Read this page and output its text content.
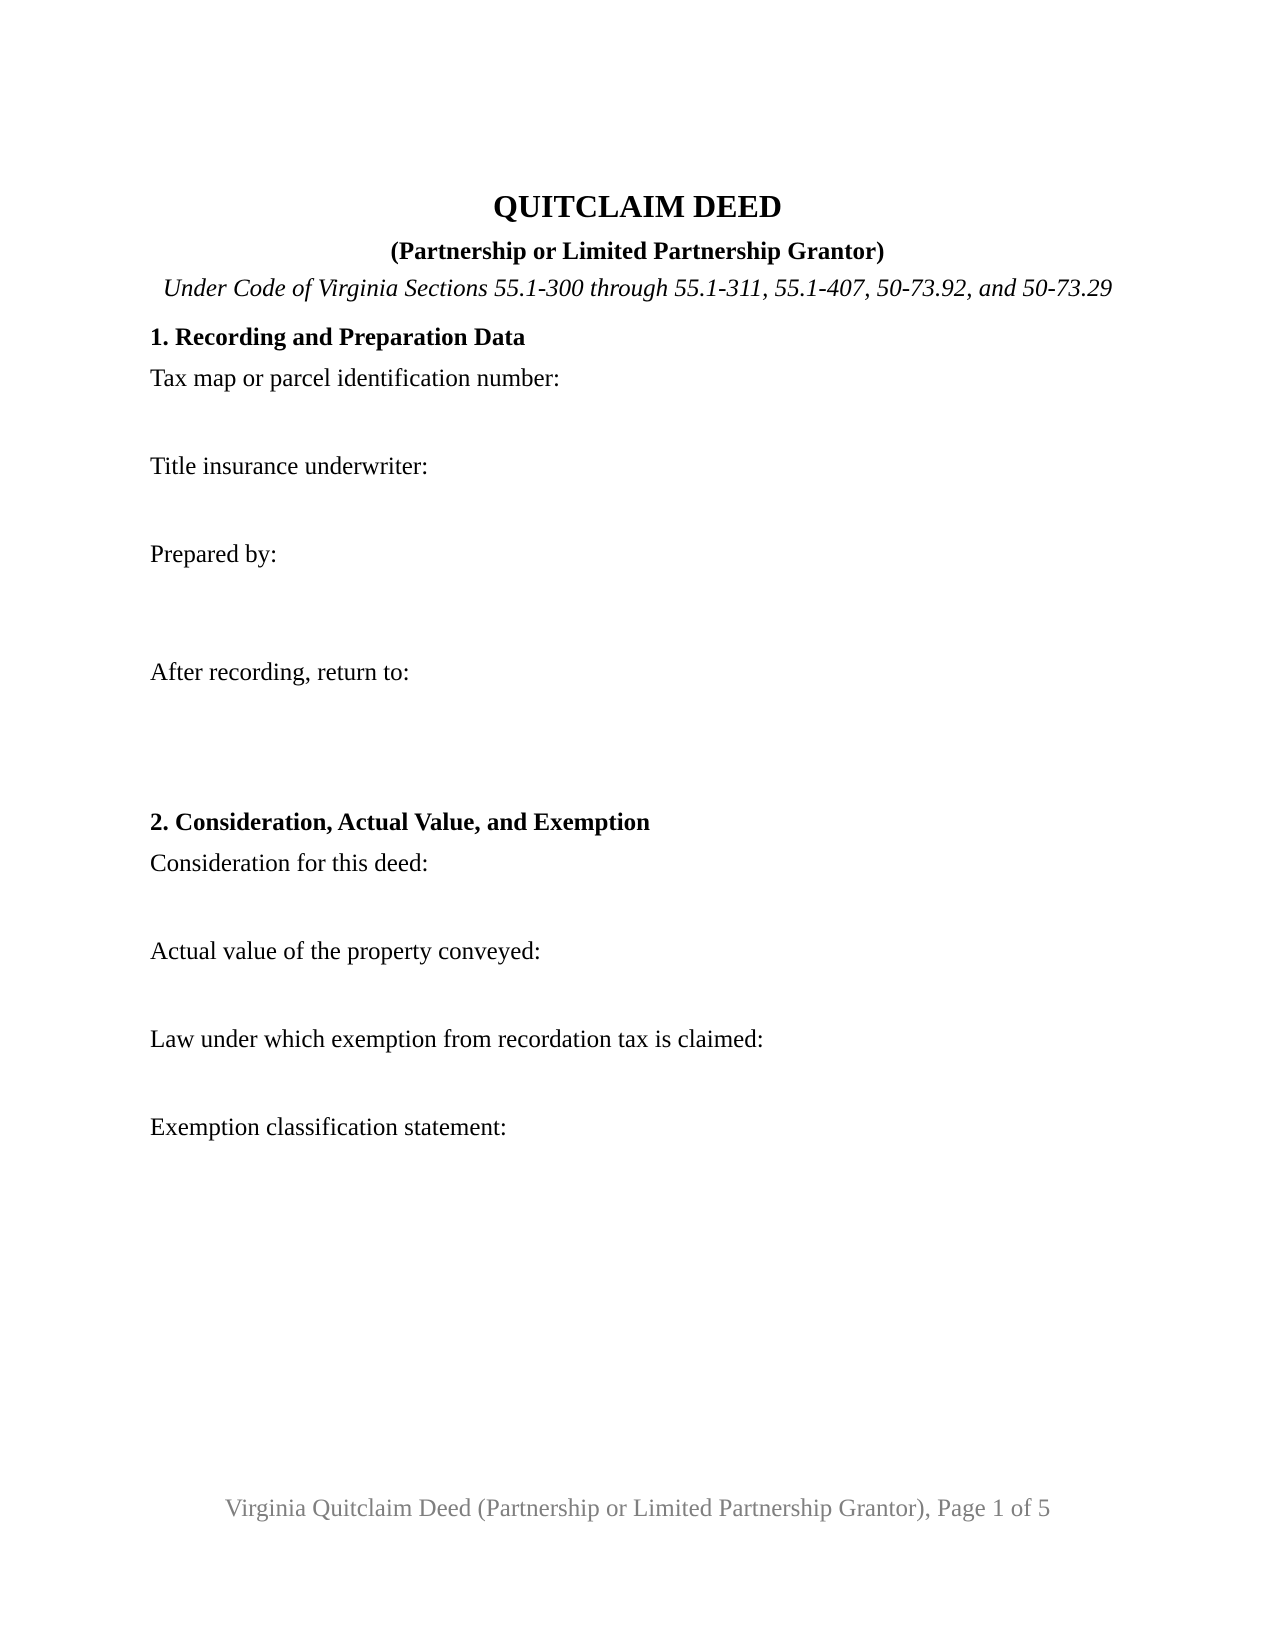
QUITCLAIM DEED
(Partnership or Limited Partnership Grantor)
Under Code of Virginia Sections 55.1-300 through 55.1-311, 55.1-407, 50-73.92, and 50-73.29
1. Recording and Preparation Data
Tax map or parcel identification number:
Title insurance underwriter:
Prepared by:
After recording, return to:
2. Consideration, Actual Value, and Exemption
Consideration for this deed:
Actual value of the property conveyed:
Law under which exemption from recordation tax is claimed:
Exemption classification statement:
Virginia Quitclaim Deed (Partnership or Limited Partnership Grantor), Page 1 of 5
